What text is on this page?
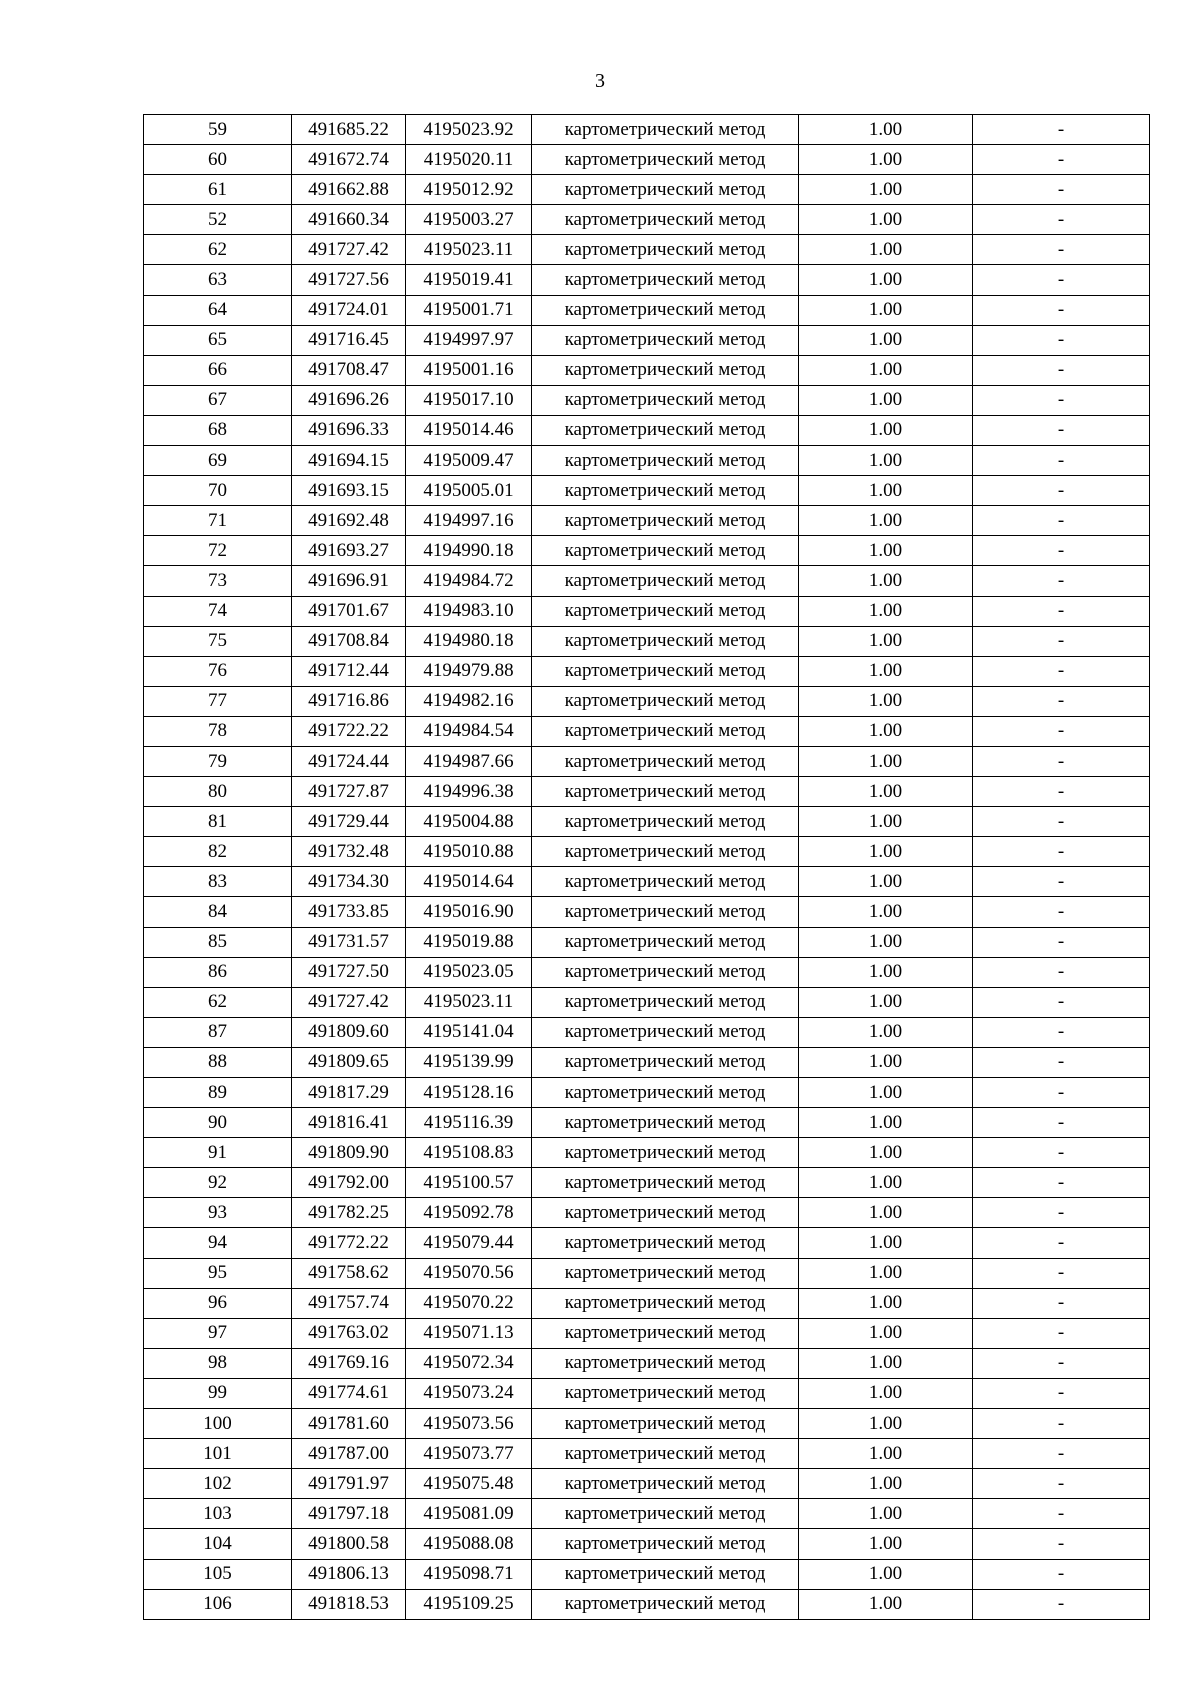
3
59	491685.22	4195023.92	картометрический метод	1.00	-
60	491672.74	4195020.11	картометрический метод	1.00	-
61	491662.88	4195012.92	картометрический метод	1.00	-
52	491660.34	4195003.27	картометрический метод	1.00	-
62	491727.42	4195023.11	картометрический метод	1.00	-
63	491727.56	4195019.41	картометрический метод	1.00	-
64	491724.01	4195001.71	картометрический метод	1.00	-
65	491716.45	4194997.97	картометрический метод	1.00	-
66	491708.47	4195001.16	картометрический метод	1.00	-
67	491696.26	4195017.10	картометрический метод	1.00	-
68	491696.33	4195014.46	картометрический метод	1.00	-
69	491694.15	4195009.47	картометрический метод	1.00	-
70	491693.15	4195005.01	картометрический метод	1.00	-
71	491692.48	4194997.16	картометрический метод	1.00	-
72	491693.27	4194990.18	картометрический метод	1.00	-
73	491696.91	4194984.72	картометрический метод	1.00	-
74	491701.67	4194983.10	картометрический метод	1.00	-
75	491708.84	4194980.18	картометрический метод	1.00	-
76	491712.44	4194979.88	картометрический метод	1.00	-
77	491716.86	4194982.16	картометрический метод	1.00	-
78	491722.22	4194984.54	картометрический метод	1.00	-
79	491724.44	4194987.66	картометрический метод	1.00	-
80	491727.87	4194996.38	картометрический метод	1.00	-
81	491729.44	4195004.88	картометрический метод	1.00	-
82	491732.48	4195010.88	картометрический метод	1.00	-
83	491734.30	4195014.64	картометрический метод	1.00	-
84	491733.85	4195016.90	картометрический метод	1.00	-
85	491731.57	4195019.88	картометрический метод	1.00	-
86	491727.50	4195023.05	картометрический метод	1.00	-
62	491727.42	4195023.11	картометрический метод	1.00	-
87	491809.60	4195141.04	картометрический метод	1.00	-
88	491809.65	4195139.99	картометрический метод	1.00	-
89	491817.29	4195128.16	картометрический метод	1.00	-
90	491816.41	4195116.39	картометрический метод	1.00	-
91	491809.90	4195108.83	картометрический метод	1.00	-
92	491792.00	4195100.57	картометрический метод	1.00	-
93	491782.25	4195092.78	картометрический метод	1.00	-
94	491772.22	4195079.44	картометрический метод	1.00	-
95	491758.62	4195070.56	картометрический метод	1.00	-
96	491757.74	4195070.22	картометрический метод	1.00	-
97	491763.02	4195071.13	картометрический метод	1.00	-
98	491769.16	4195072.34	картометрический метод	1.00	-
99	491774.61	4195073.24	картометрический метод	1.00	-
100	491781.60	4195073.56	картометрический метод	1.00	-
101	491787.00	4195073.77	картометрический метод	1.00	-
102	491791.97	4195075.48	картометрический метод	1.00	-
103	491797.18	4195081.09	картометрический метод	1.00	-
104	491800.58	4195088.08	картометрический метод	1.00	-
105	491806.13	4195098.71	картометрический метод	1.00	-
106	491818.53	4195109.25	картометрический метод	1.00	-
